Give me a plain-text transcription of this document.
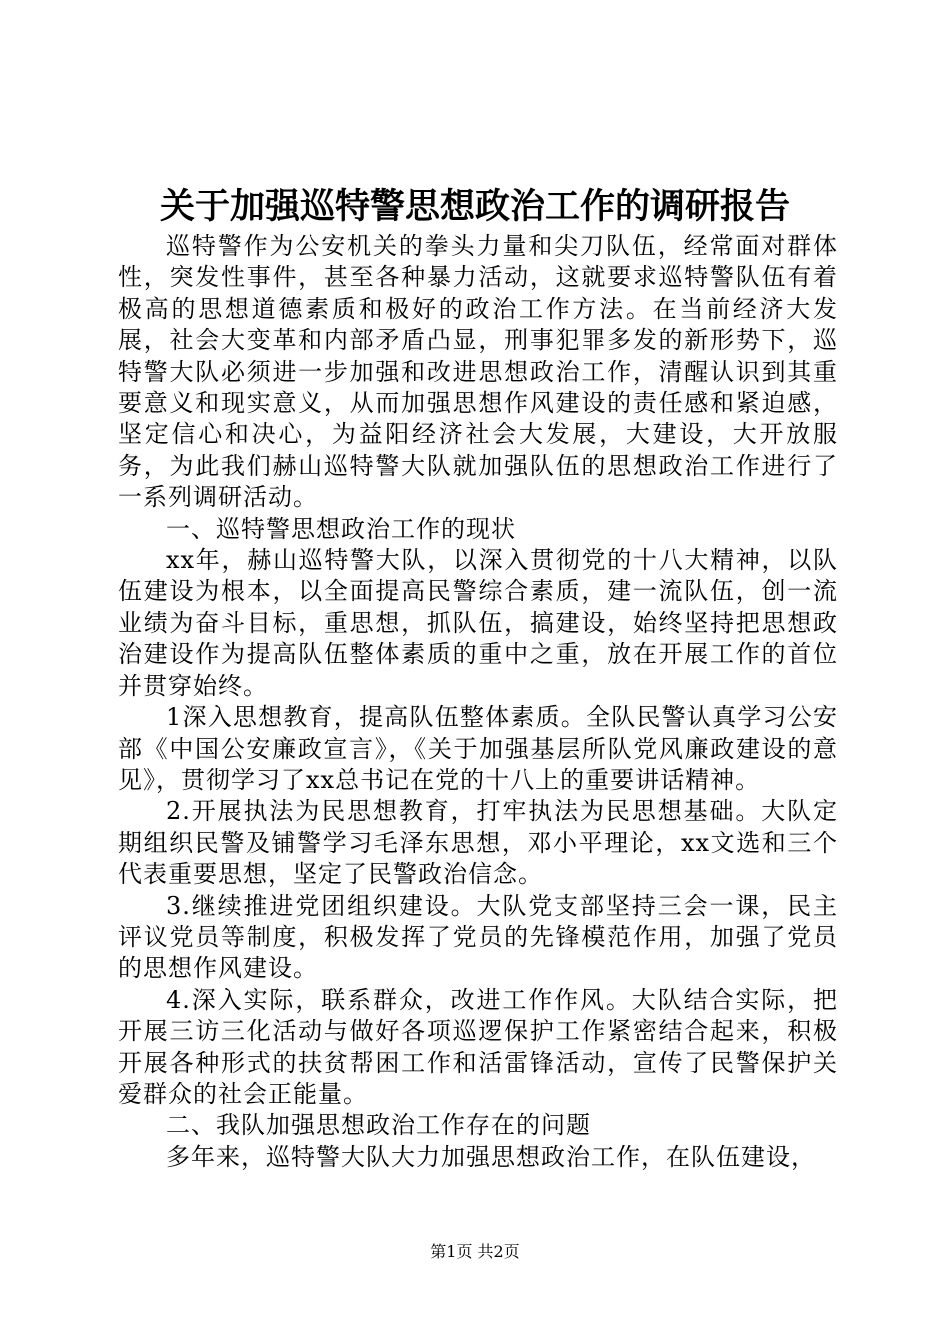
关于加强巡特警思想政治工作的调研报告

巡特警作为公安机关的拳头力量和尖刀队伍，经常面对群体性，突发性事件，甚至各种暴力活动，这就要求巡特警队伍有着极高的思想道德素质和极好的政治工作方法。在当前经济大发展，社会大变革和内部矛盾凸显，刑事犯罪多发的新形势下，巡特警大队必须进一步加强和改进思想政治工作，清醒认识到其重要意义和现实意义，从而加强思想作风建设的责任感和紧迫感，坚定信心和决心，为益阳经济社会大发展，大建设，大开放服务，为此我们赫山巡特警大队就加强队伍的思想政治工作进行了一系列调研活动。

一、巡特警思想政治工作的现状

xx年，赫山巡特警大队，以深入贯彻党的十八大精神，以队伍建设为根本，以全面提高民警综合素质，建一流队伍，创一流业绩为奋斗目标，重思想，抓队伍，搞建设，始终坚持把思想政治建设作为提高队伍整体素质的重中之重，放在开展工作的首位并贯穿始终。

1深入思想教育，提高队伍整体素质。全队民警认真学习公安部《中国公安廉政宣言》，《关于加强基层所队党风廉政建设的意见》，贯彻学习了xx总书记在党的十八上的重要讲话精神。

2.开展执法为民思想教育，打牢执法为民思想基础。大队定期组织民警及铺警学习毛泽东思想，邓小平理论，xx文选和三个代表重要思想，坚定了民警政治信念。

3.继续推进党团组织建设。大队党支部坚持三会一课，民主评议党员等制度，积极发挥了党员的先锋模范作用，加强了党员的思想作风建设。

4.深入实际，联系群众，改进工作作风。大队结合实际，把开展三访三化活动与做好各项巡逻保护工作紧密结合起来，积极开展各种形式的扶贫帮困工作和活雷锋活动，宣传了民警保护关爱群众的社会正能量。

二、我队加强思想政治工作存在的问题

多年来，巡特警大队大力加强思想政治工作，在队伍建设，

第1页 共2页
